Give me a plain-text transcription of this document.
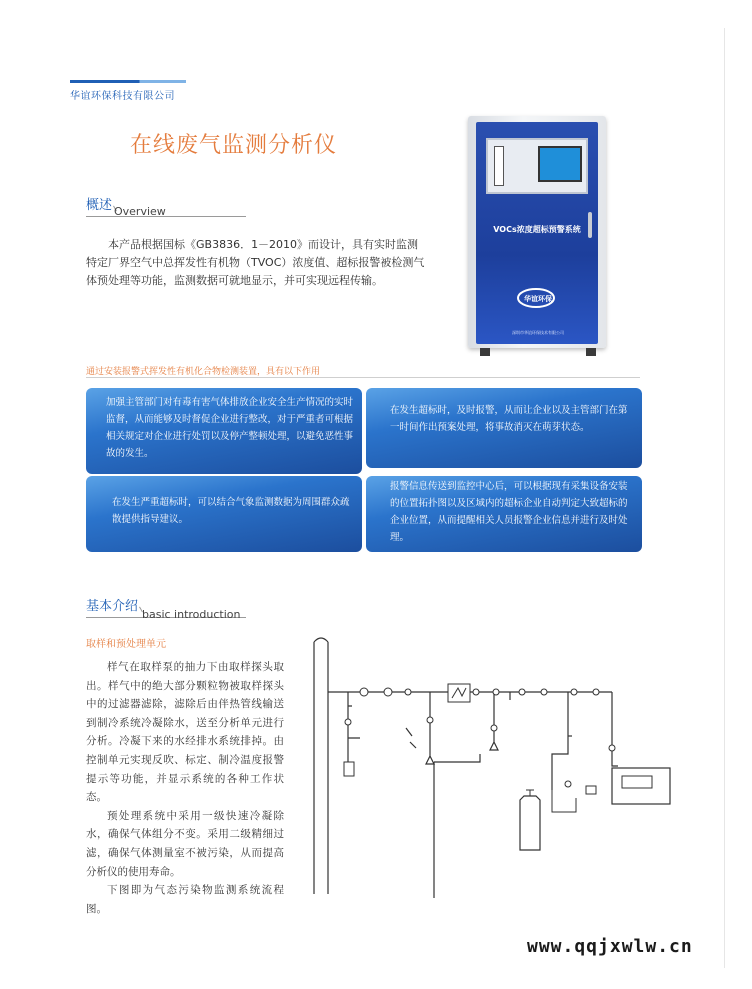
华谊环保科技有限公司
在线废气监测分析仪
概述 Overview

本产品根据国标《GB3836．1－2010》而设计，具有实时监测特定厂界空气中总挥发性有机物（TVOC）浓度值、超标报警被检测气体预处理等功能，监测数据可就地显示，并可实现远程传输。

VOCs浓度超标预警系统
华谊环保
深圳市华谊环保技术有限公司
通过安装报警式挥发性有机化合物检测装置，具有以下作用

加强主管部门对有毒有害气体排放企业安全生产情况的实时监督，从而能够及时督促企业进行整改，对于严重者可根据相关规定对企业进行处罚以及停产整顿处理，以避免恶性事故的发生。

在发生超标时，及时报警，从而让企业以及主管部门在第一时间作出预案处理，将事故消灭在萌芽状态。

在发生严重超标时，可以结合气象监测数据为周围群众疏散提供指导建议。

报警信息传送到监控中心后，可以根据现有采集设备安装的位置拓扑图以及区域内的超标企业自动判定大致超标的企业位置，从而提醒相关人员报警企业信息并进行及时处理。

基本介绍
basic introduction
取样和预处理单元

样气在取样泵的抽力下由取样探头取出。样气中的绝大部分颗粒物被取样探头中的过滤器滤除，滤除后由伴热管线输送到制冷系统冷凝除水，送至分析单元进行分析。冷凝下来的水经排水系统排掉。由控制单元实现反吹、标定、制冷温度报警提示等功能，并显示系统的各种工作状态。

预处理系统中采用一级快速冷凝除水，确保气体组分不变。采用二级精细过滤，确保气体测量室不被污染，从而提高分析仪的使用寿命。

下图即为气态污染物监测系统流程图。

www.qqjxwlw.cn
